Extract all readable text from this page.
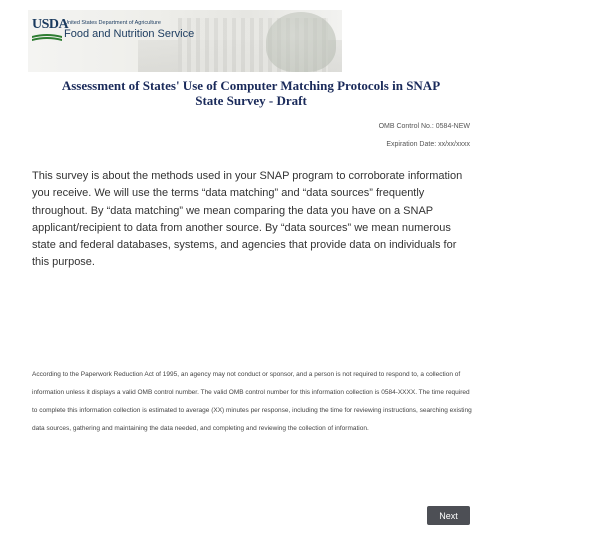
USDA
United States Department of Agriculture
Food and Nutrition Service
Assessment of States' Use of Computer Matching Protocols in SNAP
State Survey - Draft
OMB Control No.: 0584-NEW
Expiration Date: xx/xx/xxxx
This survey is about the methods used in your SNAP program to corroborate information you receive. We will use the terms “data matching” and “data sources” frequently throughout. By “data matching” we mean comparing the data you have on a SNAP applicant/recipient to data from another source. By “data sources” we mean numerous state and federal databases, systems, and agencies that provide data on individuals for this purpose.
According to the Paperwork Reduction Act of 1995, an agency may not conduct or sponsor, and a person is not required to respond to, a collection of information unless it displays a valid OMB control number. The valid OMB control number for this information collection is 0584-XXXX. The time required to complete this information collection is estimated to average (XX) minutes per response, including the time for reviewing instructions, searching existing data sources, gathering and maintaining the data needed, and completing and reviewing the collection of information.
Next
